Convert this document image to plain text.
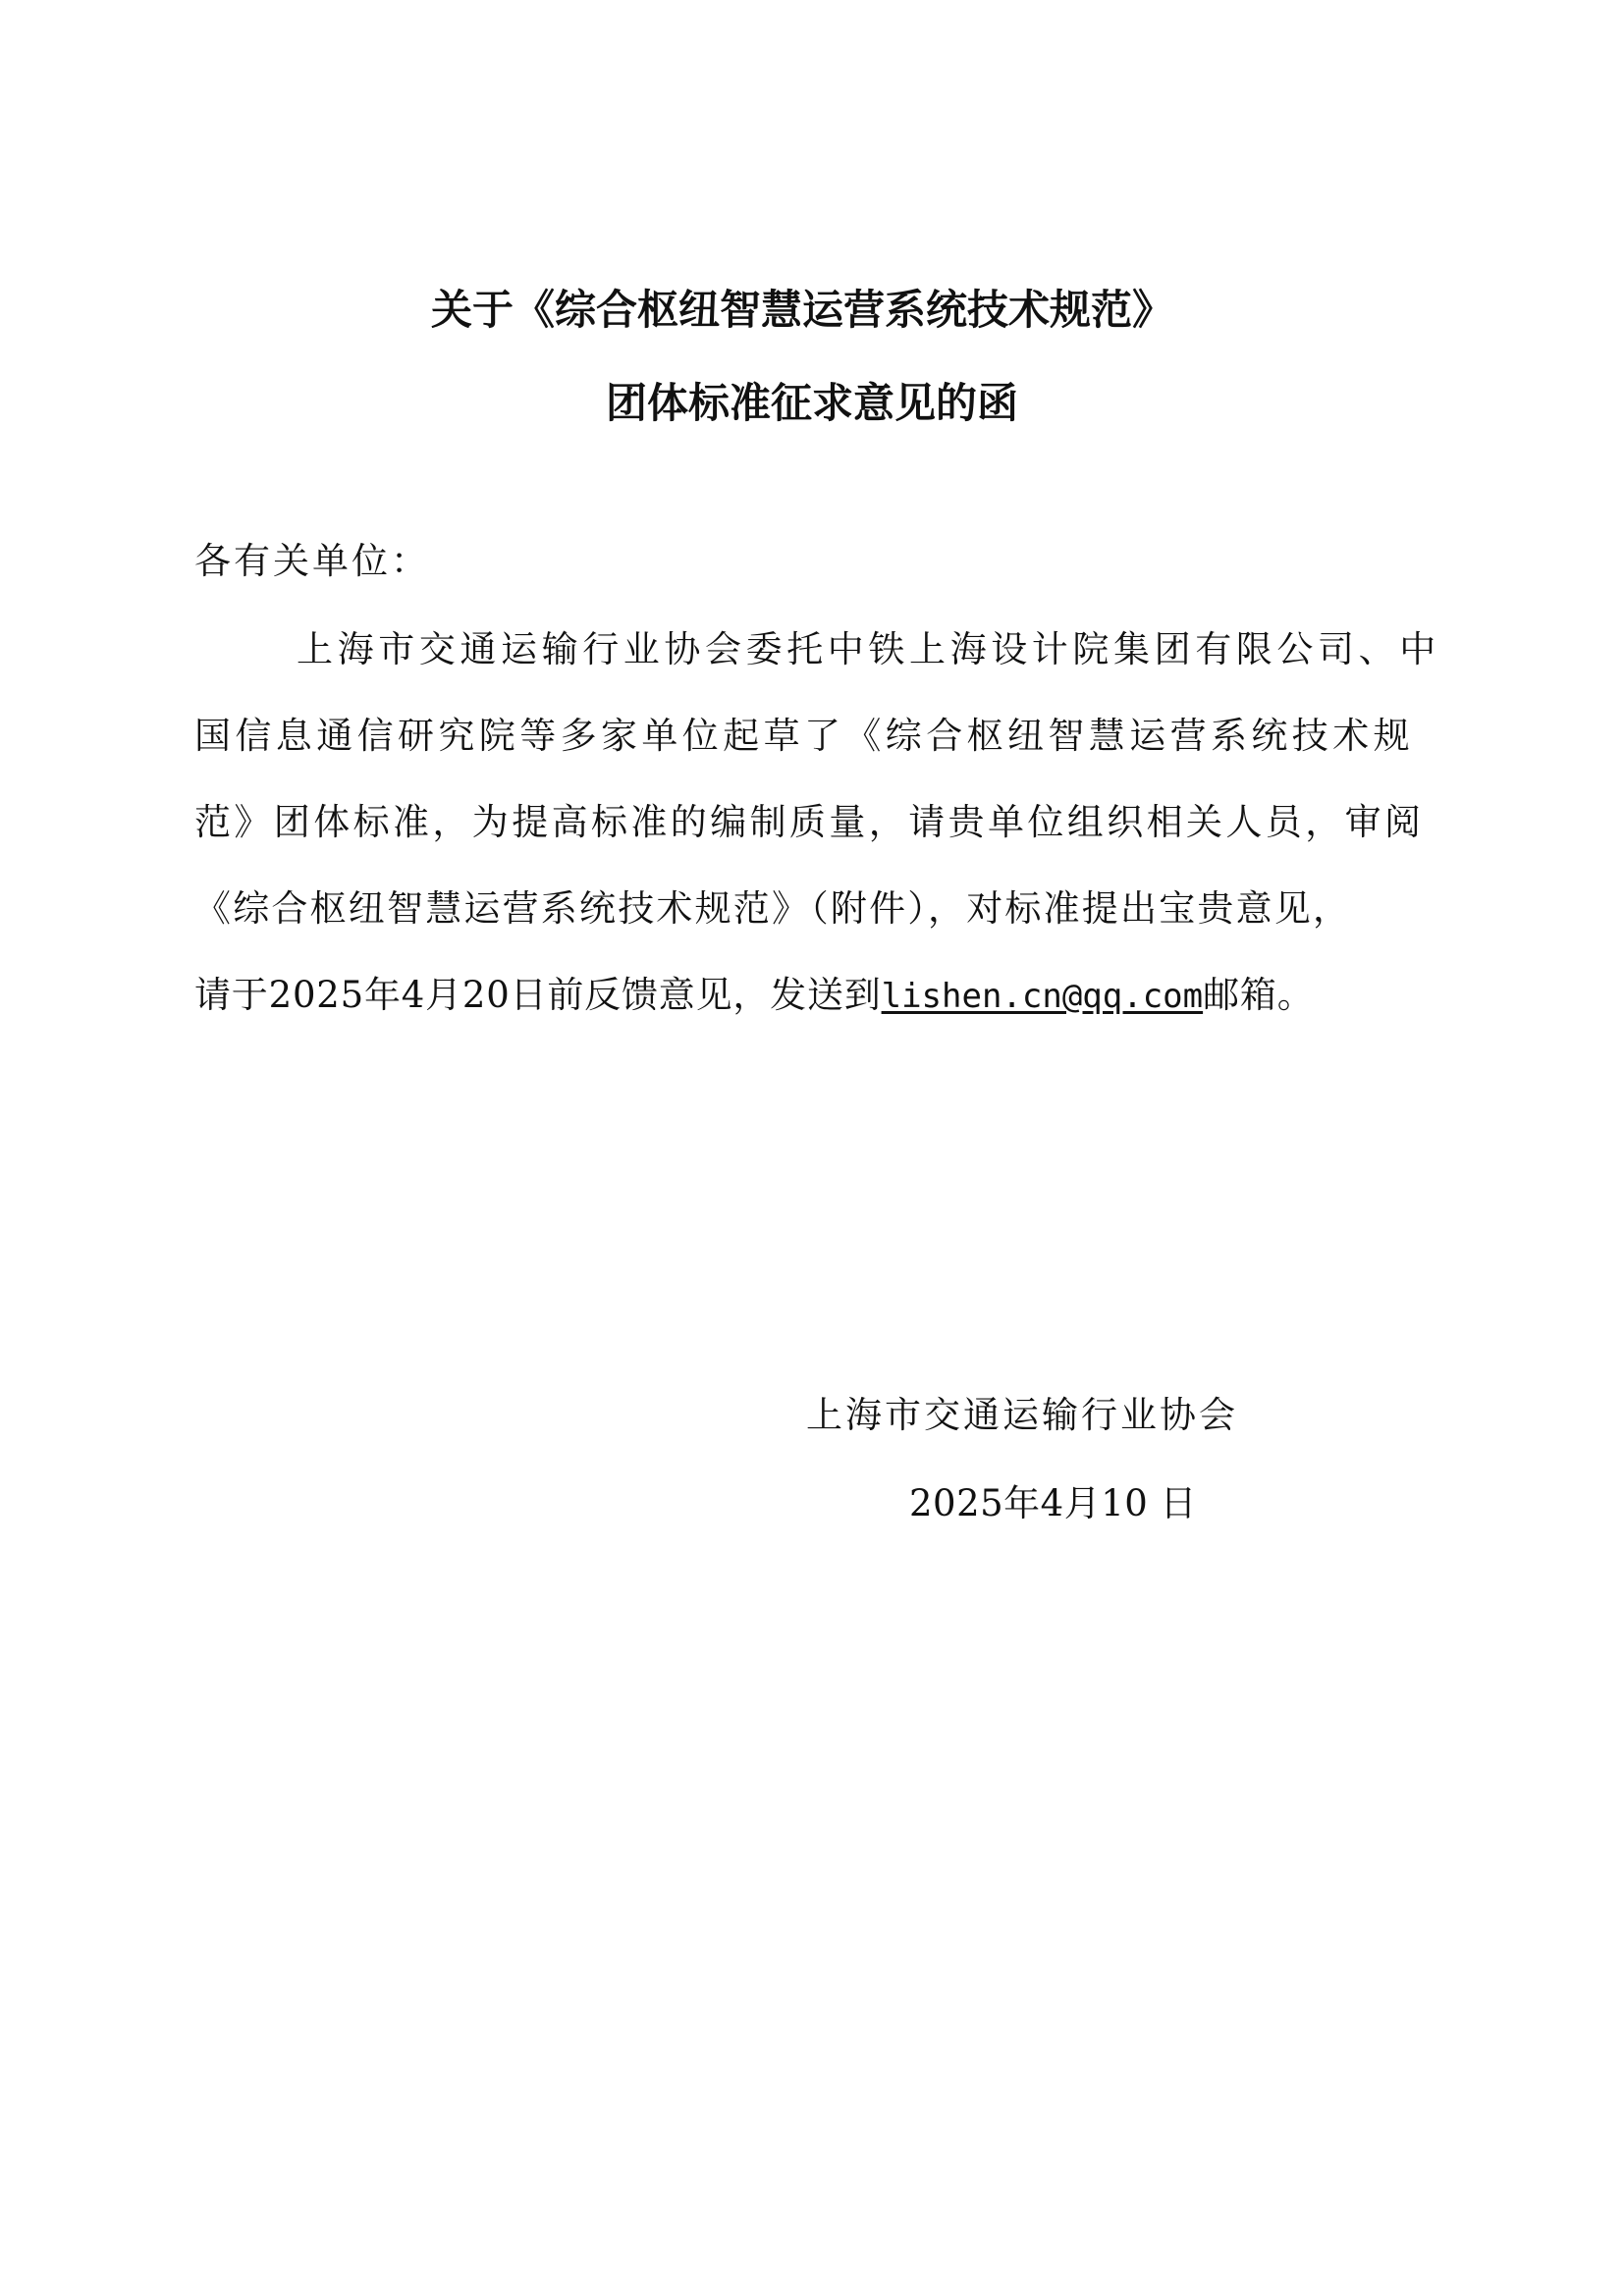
关于《综合枢纽智慧运营系统技术规范》
团体标准征求意见的函
各有关单位：
上海市交通运输行业协会委托中铁上海设计院集团有限公司、中
国信息通信研究院等多家单位起草了《综合枢纽智慧运营系统技术规
范》团体标准，为提高标准的编制质量，请贵单位组织相关人员，审阅
《综合枢纽智慧运营系统技术规范》（附件），对标准提出宝贵意见，
请于2025年4月20日前反馈意见，发送到lishen.cn@qq.com邮箱。
上海市交通运输行业协会
2025年4月10 日
